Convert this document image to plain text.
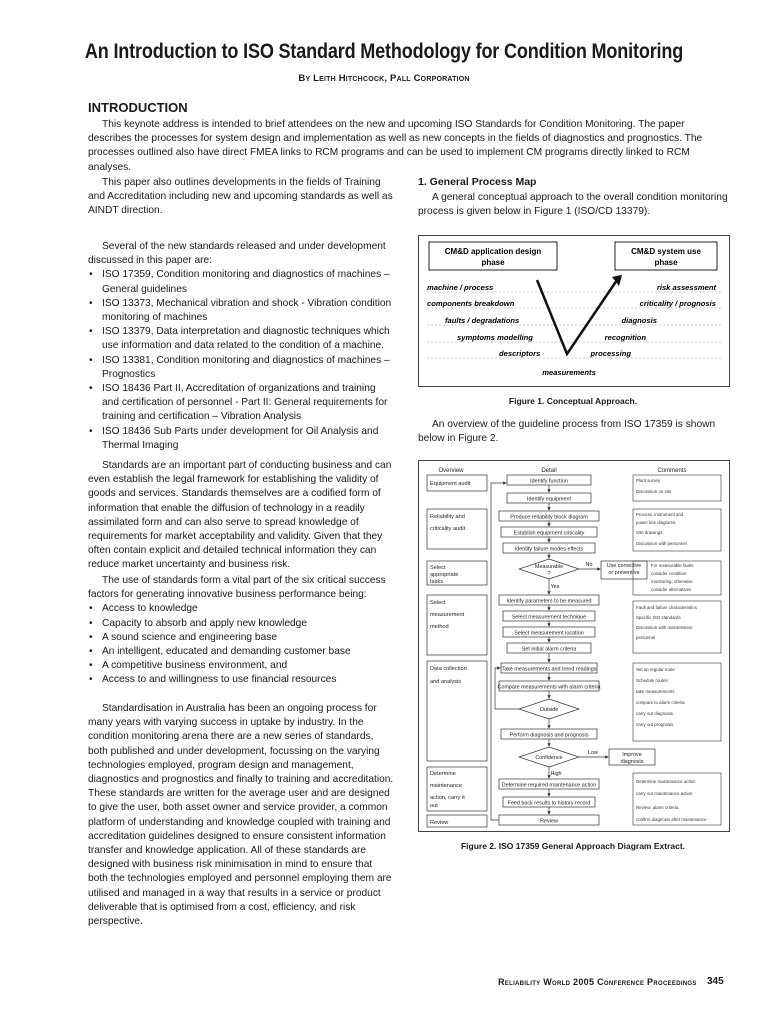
An Introduction to ISO Standard Methodology for Condition Monitoring
By Leith Hitchcock, Pall Corporation
INTRODUCTION

This keynote address is intended to brief attendees on the new and upcoming ISO Standards for Condition Monitoring. The paper describes the processes for system design and implementation as well as new concepts in the fields of diagnostics and prognostics. The processes outlined also have direct FMEA links to RCM programs and can be used to implement CM programs directly linked to RCM analyses.

This paper also outlines developments in the fields of Training and Accreditation including new and upcoming standards as well as AINDT direction.

Several of the new standards released and under development discussed in this paper are:

• ISO 17359, Condition monitoring and diagnostics of machines – General guidelines
• ISO 13373, Mechanical vibration and shock - Vibration condition monitoring of machines
• ISO 13379, Data interpretation and diagnostic techniques which use information and data related to the condition of a machine.
• ISO 13381, Condition monitoring and diagnostics of machines – Prognostics
• ISO 18436 Part II, Accreditation of organizations and training and certification of personnel - Part II: General requirements for training and certification – Vibration Analysis
• ISO 18436 Sub Parts under development for Oil Analysis and Thermal Imaging

Standards are an important part of conducting business and can even establish the legal framework for establishing the validity of goods and services. Standards themselves are a codified form of information that enable the diffusion of technology in a readily assimilated form and can also serve to spread knowledge of requirements for market acceptability and validity. Given that they often contain explicit and detailed technical information they can reduce market uncertainty and business risk.

The use of standards form a vital part of the six critical success factors for generating innovative business performance being:

• Access to knowledge
• Capacity to absorb and apply new knowledge
• A sound science and engineering base
• An intelligent, educated and demanding customer base
• A competitive business environment, and
• Access to and willingness to use financial resources

Standardisation in Australia has been an ongoing process for many years with varying success in uptake by industry. In the condition monitoring arena there are a new series of standards, both published and under development, focussing on the varying technologies employed, program design and management, diagnostics and prognostics and finally to training and accreditation. These standards are written for the average user and are designed to give the user, both asset owner and service provider, a common platform of understanding and knowledge coupled with training and accreditation guidelines designed to ensure consistent information transfer and knowledge application. All of these standards are designed with business risk minimisation in mind to ensure that both the technologies employed and personnel employing them are utilised and managed in a way that results in a service or product deliverable that is optimised from a cost, efficiency, and risk perspective.

1. General Process Map

A general conceptual approach to the overall condition monitoring process is given below in Figure 1 (ISO/CD 13379).

CM&D application design
phase
CM&D system use
phase
machine / process
components breakdown
faults / degradations
symptoms modelling
descriptors
risk assessment
criticality / prognosis
diagnosis
recognition
processing
measurements
Figure 1. Conceptual Approach.

An overview of the guideline process from ISO 17359 is shown below in Figure 2.

Overview	Detail	Comments
Equipment audit
Reliability and
criticality audit
Select
appropriate
tasks
Select
measurement
method
Data collection
and analysis
Determine
maintenance
action, carry it
out
Review
Identify function
Identify equipment
Produce reliability block diagram
Establish equipment criticality
Identify failure modes effects
Measurable
?
No
Yes
Use corrective
or preventive
Identify parameters to be measured
Select measurement technique
Select measurement location
Set initial alarm criteria
Take measurements and trend readings
Compare measurements with alarm criteria
Outside
Perform diagnosis and prognosis
Confidence
Low
High
Improve
diagnosis
Determine required maintenance action
Feed back results to history record
Review
Plant survey
Discussion on site
Process, instrument and
power line diagrams,
Site drawings
Discussion with personnel
For measurable faults
consider condition
monitoring, otherwise
consider alternatives
Fault and failure characteristics
Specific ISO standards
Discussion with maintenance
personnel
Set up regular route
Schedule routes
take measurements
compare to alarm criteria
carry out diagnosis
carry out prognosis
Determine maintenance action
carry out maintenance action
Review: alarm criteria,
confirm diagnosis after maintenance
Figure 2. ISO 17359 General Approach Diagram Extract.
Reliability World 2005 Conference Proceedings 345
